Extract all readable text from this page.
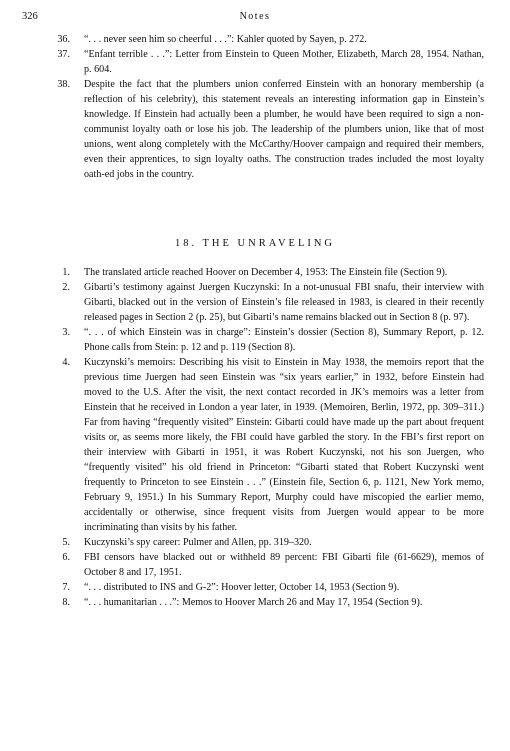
326	Notes
36. “. . . never seen him so cheerful . . .”: Kahler quoted by Sayen, p. 272.
37. “Enfant terrible . . .”: Letter from Einstein to Queen Mother, Elizabeth, March 28, 1954. Nathan, p. 604.
38. Despite the fact that the plumbers union conferred Einstein with an honorary membership (a reflection of his celebrity), this statement reveals an interesting information gap in Einstein’s knowledge. If Einstein had actually been a plumber, he would have been required to sign a non-communist loyalty oath or lose his job. The leadership of the plumbers union, like that of most unions, went along completely with the McCarthy/Hoover campaign and required their members, even their apprentices, to sign loyalty oaths. The construction trades included the most loyalty oath-ed jobs in the country.
18. THE UNRAVELING
1. The translated article reached Hoover on December 4, 1953: The Einstein file (Section 9).
2. Gibarti’s testimony against Juergen Kuczynski: In a not-unusual FBI snafu, their interview with Gibarti, blacked out in the version of Einstein’s file released in 1983, is cleared in their recently released pages in Section 2 (p. 25), but Gibarti’s name remains blacked out in Section 8 (p. 97).
3. “. . . of which Einstein was in charge”: Einstein’s dossier (Section 8), Summary Report, p. 12. Phone calls from Stein: p. 12 and p. 119 (Section 8).
4. Kuczynski’s memoirs: Describing his visit to Einstein in May 1938, the memoirs report that the previous time Juergen had seen Einstein was “six years earlier,” in 1932, before Einstein had moved to the U.S. After the visit, the next contact recorded in JK’s memoirs was a letter from Einstein that he received in London a year later, in 1939. (Memoiren, Berlin, 1972, pp. 309–311.) Far from having “frequently visited” Einstein: Gibarti could have made up the part about frequent visits or, as seems more likely, the FBI could have garbled the story. In the FBI’s first report on their interview with Gibarti in 1951, it was Robert Kuczynski, not his son Juergen, who “frequently visited” his old friend in Princeton: “Gibarti stated that Robert Kuczynski went frequently to Princeton to see Einstein . . .” (Einstein file, Section 6, p. 1121, New York memo, February 9, 1951.) In his Summary Report, Murphy could have miscopied the earlier memo, accidentally or otherwise, since frequent visits from Juergen would appear to be more incriminating than visits by his father.
5. Kuczynski’s spy career: Pulmer and Allen, pp. 319–320.
6. FBI censors have blacked out or withheld 89 percent: FBI Gibarti file (61-6629), memos of October 8 and 17, 1951.
7. “. . . distributed to INS and G-2”: Hoover letter, October 14, 1953 (Section 9).
8. “. . . humanitarian . . .”: Memos to Hoover March 26 and May 17, 1954 (Section 9).
